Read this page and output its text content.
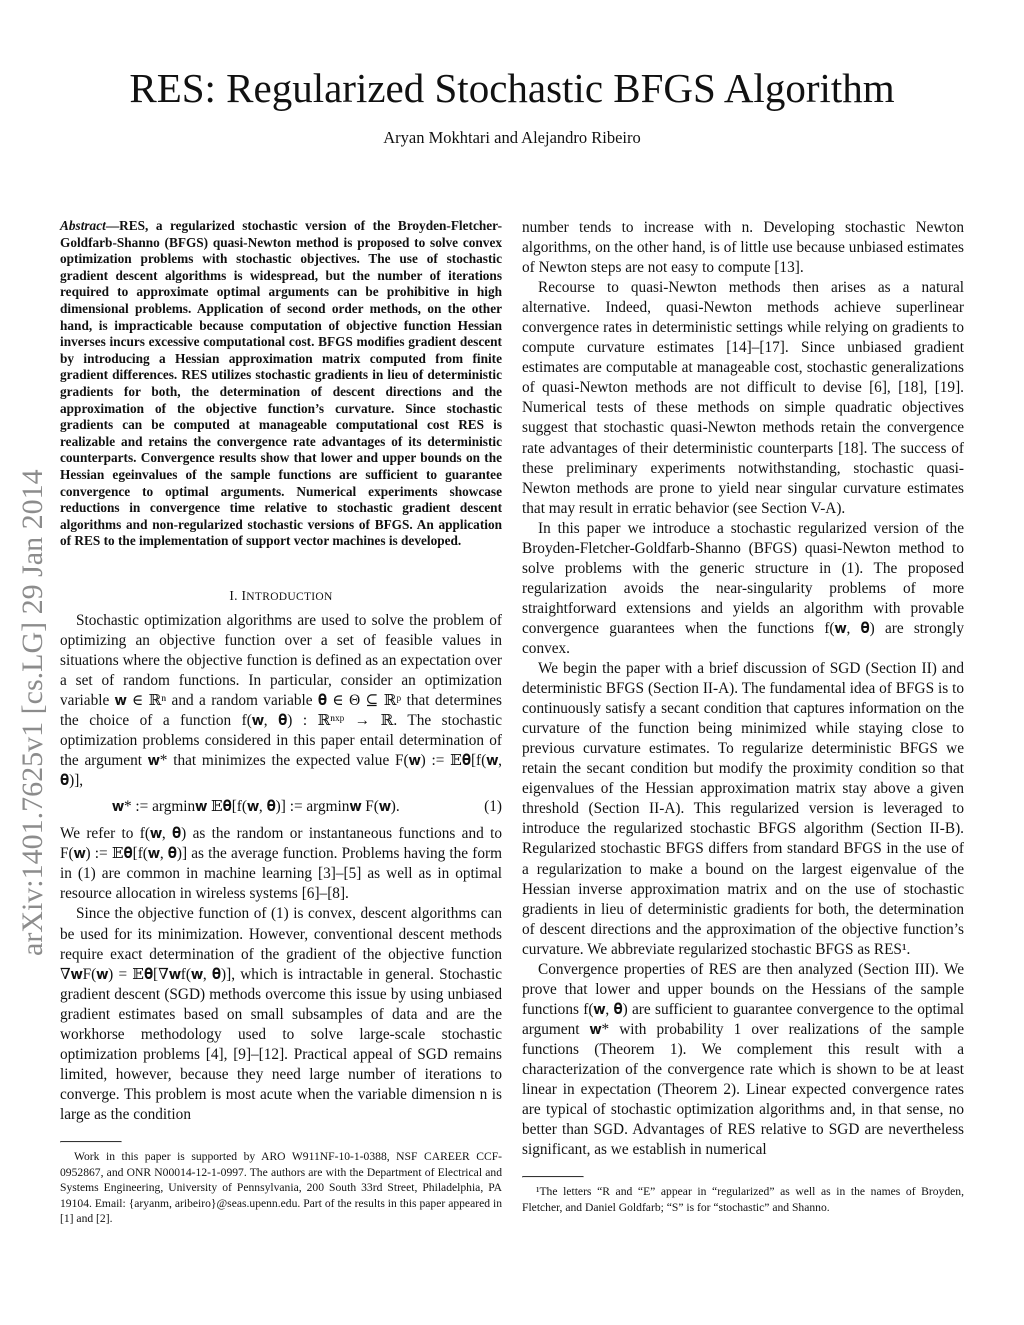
RES: Regularized Stochastic BFGS Algorithm
Aryan Mokhtari and Alejandro Ribeiro
arXiv:1401.7625v1 [cs.LG] 29 Jan 2014

Abstract—RES, a regularized stochastic version of the Broyden-Fletcher-Goldfarb-Shanno (BFGS) quasi-Newton method is proposed to solve convex optimization problems with stochastic objectives. The use of stochastic gradient descent algorithms is widespread, but the number of iterations required to approximate optimal arguments can be prohibitive in high dimensional problems. Application of second order methods, on the other hand, is impracticable because computation of objective function Hessian inverses incurs excessive computational cost. BFGS modifies gradient descent by introducing a Hessian approximation matrix computed from finite gradient differences. RES utilizes stochastic gradients in lieu of deterministic gradients for both, the determination of descent directions and the approximation of the objective function’s curvature. Since stochastic gradients can be computed at manageable computational cost RES is realizable and retains the convergence rate advantages of its deterministic counterparts. Convergence results show that lower and upper bounds on the Hessian egeinvalues of the sample functions are sufficient to guarantee convergence to optimal arguments. Numerical experiments showcase reductions in convergence time relative to stochastic gradient descent algorithms and non-regularized stochastic versions of BFGS. An application of RES to the implementation of support vector machines is developed.

I. INTRODUCTION

Stochastic optimization algorithms are used to solve the problem of optimizing an objective function over a set of feasible values in situations where the objective function is defined as an expectation over a set of random functions. In particular, consider an optimization variable 𝐰 ∈ ℝⁿ and a random variable 𝛉 ∈ Θ ⊆ ℝᵖ that determines the choice of a function f(𝐰, 𝛉) : ℝⁿˣᵖ → ℝ. The stochastic optimization problems considered in this paper entail determination of the argument 𝐰* that minimizes the expected value F(𝐰) := 𝔼𝛉[f(𝐰, 𝛉)],

𝐰* := argmin𝐰 𝔼𝛉[f(𝐰, 𝛉)] := argmin𝐰 F(𝐰).	(1)

We refer to f(𝐰, 𝛉) as the random or instantaneous functions and to F(𝐰) := 𝔼𝛉[f(𝐰, 𝛉)] as the average function. Problems having the form in (1) are common in machine learning [3]–[5] as well as in optimal resource allocation in wireless systems [6]–[8].

Since the objective function of (1) is convex, descent algorithms can be used for its minimization. However, conventional descent methods require exact determination of the gradient of the objective function ∇𝐰F(𝐰) = 𝔼𝛉[∇𝐰f(𝐰, 𝛉)], which is intractable in general. Stochastic gradient descent (SGD) methods overcome this issue by using unbiased gradient estimates based on small subsamples of data and are the workhorse methodology used to solve large-scale stochastic optimization problems [4], [9]–[12]. Practical appeal of SGD remains limited, however, because they need large number of iterations to converge. This problem is most acute when the variable dimension n is large as the condition

Work in this paper is supported by ARO W911NF-10-1-0388, NSF CAREER CCF-0952867, and ONR N00014-12-1-0997. The authors are with the Department of Electrical and Systems Engineering, University of Pennsylvania, 200 South 33rd Street, Philadelphia, PA 19104. Email: {aryanm, aribeiro}@seas.upenn.edu. Part of the results in this paper appeared in [1] and [2].

number tends to increase with n. Developing stochastic Newton algorithms, on the other hand, is of little use because unbiased estimates of Newton steps are not easy to compute [13].

Recourse to quasi-Newton methods then arises as a natural alternative. Indeed, quasi-Newton methods achieve superlinear convergence rates in deterministic settings while relying on gradients to compute curvature estimates [14]–[17]. Since unbiased gradient estimates are computable at manageable cost, stochastic generalizations of quasi-Newton methods are not difficult to devise [6], [18], [19]. Numerical tests of these methods on simple quadratic objectives suggest that stochastic quasi-Newton methods retain the convergence rate advantages of their deterministic counterparts [18]. The success of these preliminary experiments notwithstanding, stochastic quasi-Newton methods are prone to yield near singular curvature estimates that may result in erratic behavior (see Section V-A).

In this paper we introduce a stochastic regularized version of the Broyden-Fletcher-Goldfarb-Shanno (BFGS) quasi-Newton method to solve problems with the generic structure in (1). The proposed regularization avoids the near-singularity problems of more straightforward extensions and yields an algorithm with provable convergence guarantees when the functions f(𝐰, 𝛉) are strongly convex.

We begin the paper with a brief discussion of SGD (Section II) and deterministic BFGS (Section II-A). The fundamental idea of BFGS is to continuously satisfy a secant condition that captures information on the curvature of the function being minimized while staying close to previous curvature estimates. To regularize deterministic BFGS we retain the secant condition but modify the proximity condition so that eigenvalues of the Hessian approximation matrix stay above a given threshold (Section II-A). This regularized version is leveraged to introduce the regularized stochastic BFGS algorithm (Section II-B). Regularized stochastic BFGS differs from standard BFGS in the use of a regularization to make a bound on the largest eigenvalue of the Hessian inverse approximation matrix and on the use of stochastic gradients in lieu of deterministic gradients for both, the determination of descent directions and the approximation of the objective function’s curvature. We abbreviate regularized stochastic BFGS as RES¹.

Convergence properties of RES are then analyzed (Section III). We prove that lower and upper bounds on the Hessians of the sample functions f(𝐰, 𝛉) are sufficient to guarantee convergence to the optimal argument 𝐰* with probability 1 over realizations of the sample functions (Theorem 1). We complement this result with a characterization of the convergence rate which is shown to be at least linear in expectation (Theorem 2). Linear expected convergence rates are typical of stochastic optimization algorithms and, in that sense, no better than SGD. Advantages of RES relative to SGD are nevertheless significant, as we establish in numerical

¹The letters “R and “E” appear in “regularized” as well as in the names of Broyden, Fletcher, and Daniel Goldfarb; “S” is for “stochastic” and Shanno.
